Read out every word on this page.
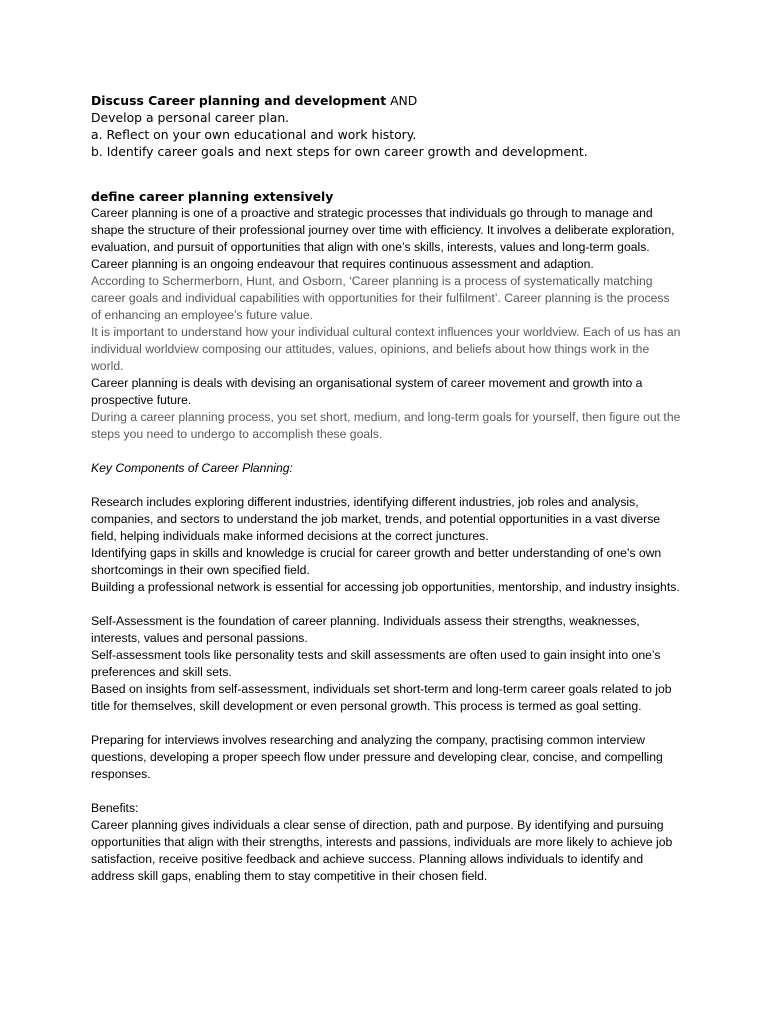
Discuss Career planning and development AND

Develop a personal career plan.

a. Reflect on your own educational and work history.

b. Identify career goals and next steps for own career growth and development.

define career planning extensively

Career planning is one of a proactive and strategic processes that individuals go through to manage and shape the structure of their professional journey over time with efficiency. It involves a deliberate exploration, evaluation, and pursuit of opportunities that align with one’s skills, interests, values and long-term goals. Career planning is an ongoing endeavour that requires continuous assessment and adaption.

According to Schermerborn, Hunt, and Osborn, ‘Career planning is a process of systematically matching career goals and individual capabilities with opportunities for their fulfilment’. Career planning is the process of enhancing an employee’s future value.

It is important to understand how your individual cultural context influences your worldview. Each of us has an individual worldview composing our attitudes, values, opinions, and beliefs about how things work in the world.

Career planning is deals with devising an organisational system of career movement and growth into a prospective future.

During a career planning process, you set short, medium, and long-term goals for yourself, then figure out the steps you need to undergo to accomplish these goals.

Key Components of Career Planning:

Research includes exploring different industries, identifying different industries, job roles and analysis, companies, and sectors to understand the job market, trends, and potential opportunities in a vast diverse field, helping individuals make informed decisions at the correct junctures.

Identifying gaps in skills and knowledge is crucial for career growth and better understanding of one’s own shortcomings in their own specified field.

Building a professional network is essential for accessing job opportunities, mentorship, and industry insights.

Self-Assessment is the foundation of career planning. Individuals assess their strengths, weaknesses, interests, values and personal passions.

Self-assessment tools like personality tests and skill assessments are often used to gain insight into one’s preferences and skill sets.

Based on insights from self-assessment, individuals set short-term and long-term career goals related to job title for themselves, skill development or even personal growth. This process is termed as goal setting.

Preparing for interviews involves researching and analyzing the company, practising common interview questions, developing a proper speech flow under pressure and developing clear, concise, and compelling responses.

Benefits:

Career planning gives individuals a clear sense of direction, path and purpose. By identifying and pursuing opportunities that align with their strengths, interests and passions, individuals are more likely to achieve job satisfaction, receive positive feedback and achieve success. Planning allows individuals to identify and address skill gaps, enabling them to stay competitive in their chosen field.
